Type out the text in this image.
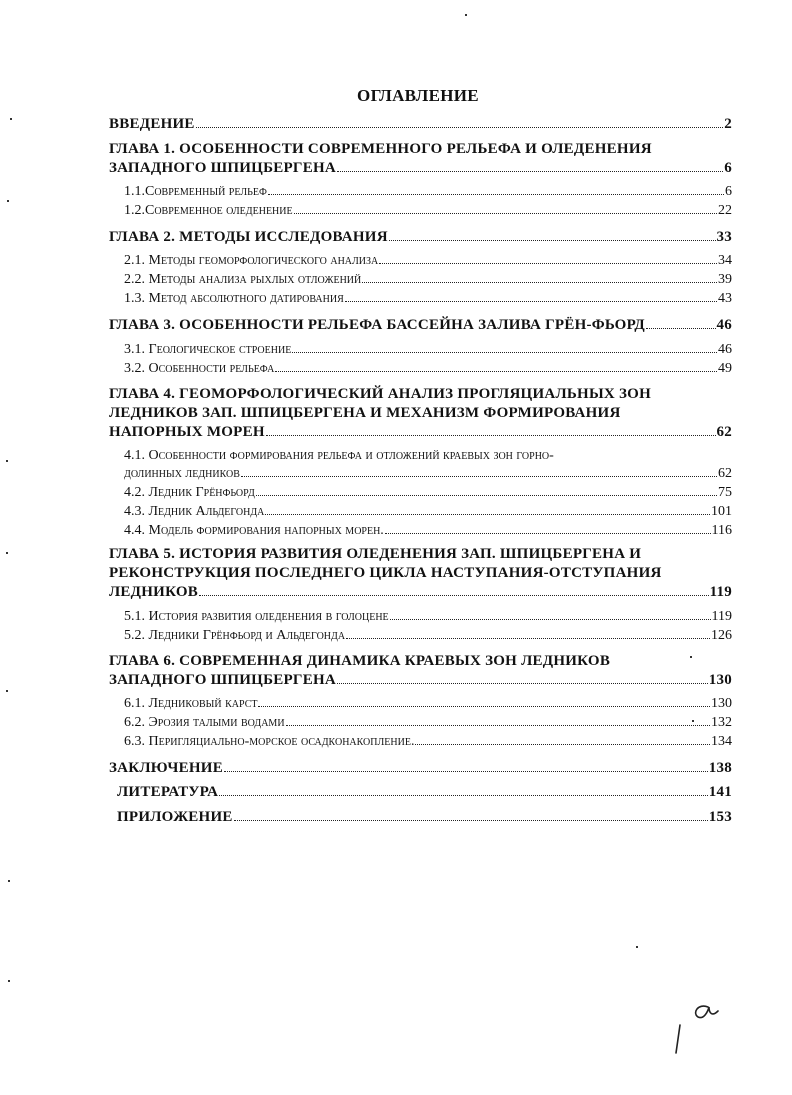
ОГЛАВЛЕНИЕ
ВВЕДЕНИЕ	2
ГЛАВА 1. ОСОБЕННОСТИ СОВРЕМЕННОГО РЕЛЬЕФА И ОЛЕДЕНЕНИЯ
ЗАПАДНОГО ШПИЦБЕРГЕНА	6
1.1.Современный рельеф	6
1.2.Современное оледенение	22
ГЛАВА 2. МЕТОДЫ ИССЛЕДОВАНИЯ	33
2.1. Методы геоморфологического анализа	34
2.2. Методы анализа рыхлых отложений	39
1.3. Метод абсолютного датирования	43
ГЛАВА 3. ОСОБЕННОСТИ РЕЛЬЕФА БАССЕЙНА ЗАЛИВА ГРЁН-ФЬОРД	46
3.1. Геологическое строение	46
3.2. Особенности рельефа	49
ГЛАВА 4. ГЕОМОРФОЛОГИЧЕСКИЙ АНАЛИЗ ПРОГЛЯЦИАЛЬНЫХ ЗОН
ЛЕДНИКОВ ЗАП. ШПИЦБЕРГЕНА И МЕХАНИЗМ ФОРМИРОВАНИЯ
НАПОРНЫХ МОРЕН	62
4.1. Особенности формирования рельефа и отложений краевых зон горно-
долинных ледников	62
4.2. Ледник Грёнфьорд	75
4.3. Ледник Альдегонда	101
4.4. Модель формирования напорных морен.	116
ГЛАВА 5. ИСТОРИЯ РАЗВИТИЯ ОЛЕДЕНЕНИЯ ЗАП. ШПИЦБЕРГЕНА И
РЕКОНСТРУКЦИЯ ПОСЛЕДНЕГО ЦИКЛА НАСТУПАНИЯ-ОТСТУПАНИЯ
ЛЕДНИКОВ	119
5.1. История развития оледенения в голоцене	119
5.2. Ледники Грёнфьорд и Альдегонда	126
ГЛАВА 6. СОВРЕМЕННАЯ ДИНАМИКА КРАЕВЫХ ЗОН ЛЕДНИКОВ
ЗАПАДНОГО ШПИЦБЕРГЕНА	130
6.1. Ледниковый карст	130
6.2. Эрозия талыми водами	132
6.3. Перигляциально-морское осадконакопление.	134
ЗАКЛЮЧЕНИЕ	138
ЛИТЕРАТУРА	141
ПРИЛОЖЕНИЕ	153
